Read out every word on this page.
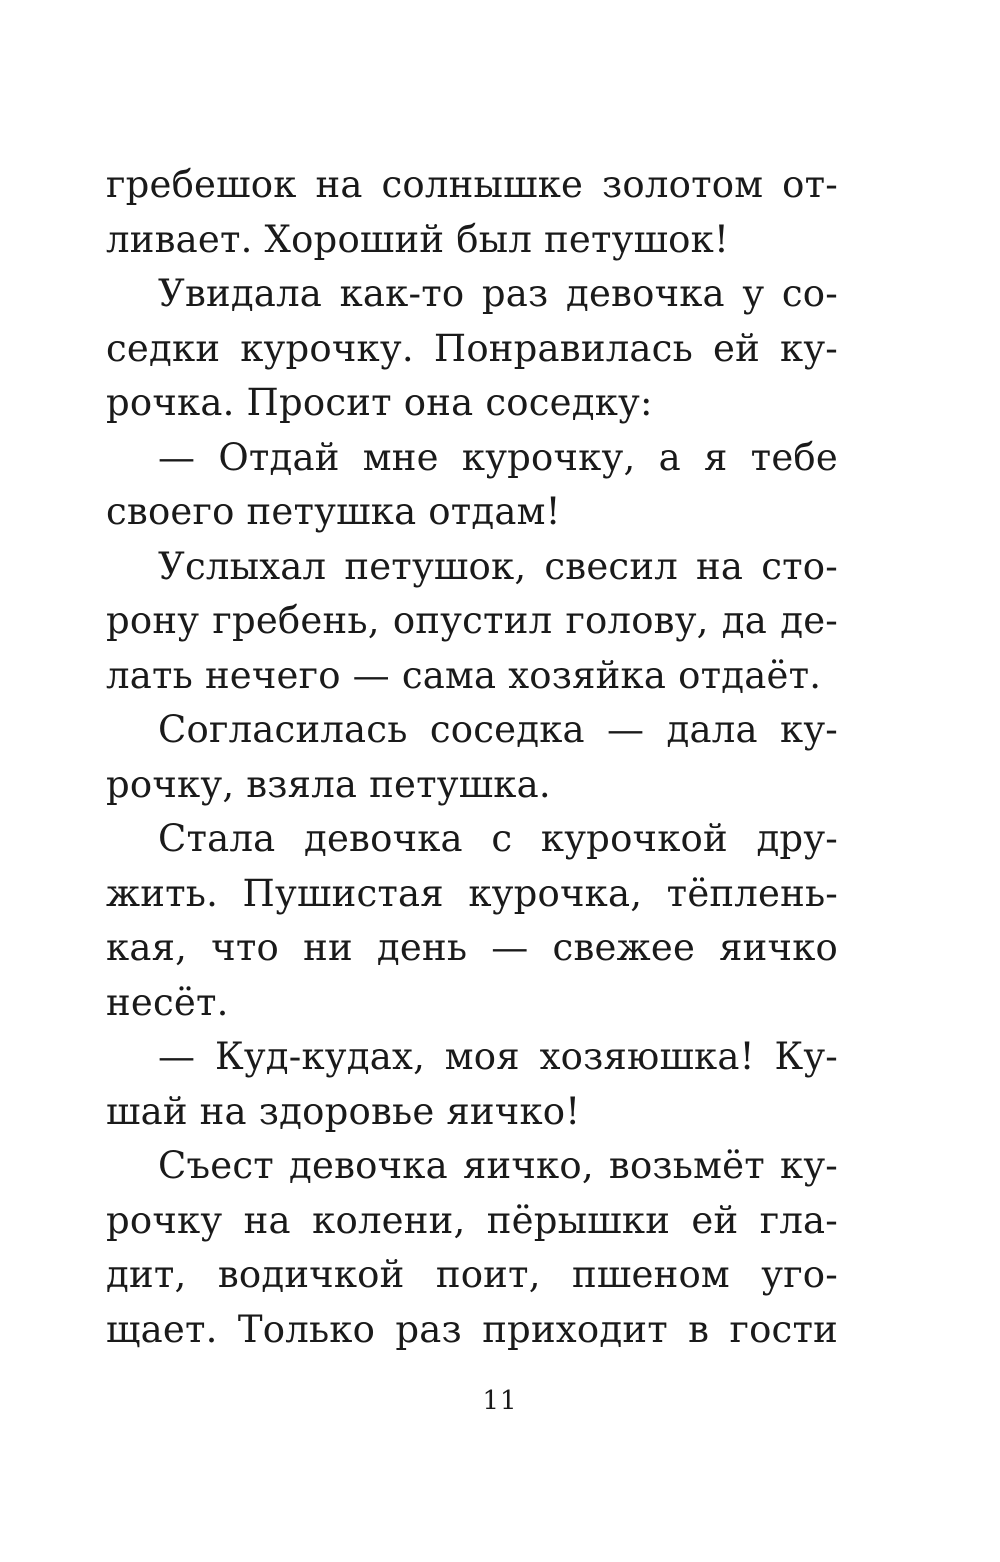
гребешок на солнышке золотом от-
ливает. Хороший был петушок!
Увидала как-то раз девочка у со-
седки курочку. Понравилась ей ку-
рочка. Просит она соседку:
— Отдай мне курочку, а я тебе
своего петушка отдам!
Услыхал петушок, свесил на сто-
рону гребень, опустил голову, да де-
лать нечего — сама хозяйка отдаёт.
Согласилась соседка — дала ку-
рочку, взяла петушка.
Стала девочка с курочкой дру-
жить. Пушистая курочка, тёплень-
кая, что ни день — свежее яичко
несёт.
— Куд-кудах, моя хозяюшка! Ку-
шай на здоровье яичко!
Съест девочка яичко, возьмёт ку-
рочку на колени, пёрышки ей гла-
дит, водичкой поит, пшеном уго-
щает. Только раз приходит в гости
11
